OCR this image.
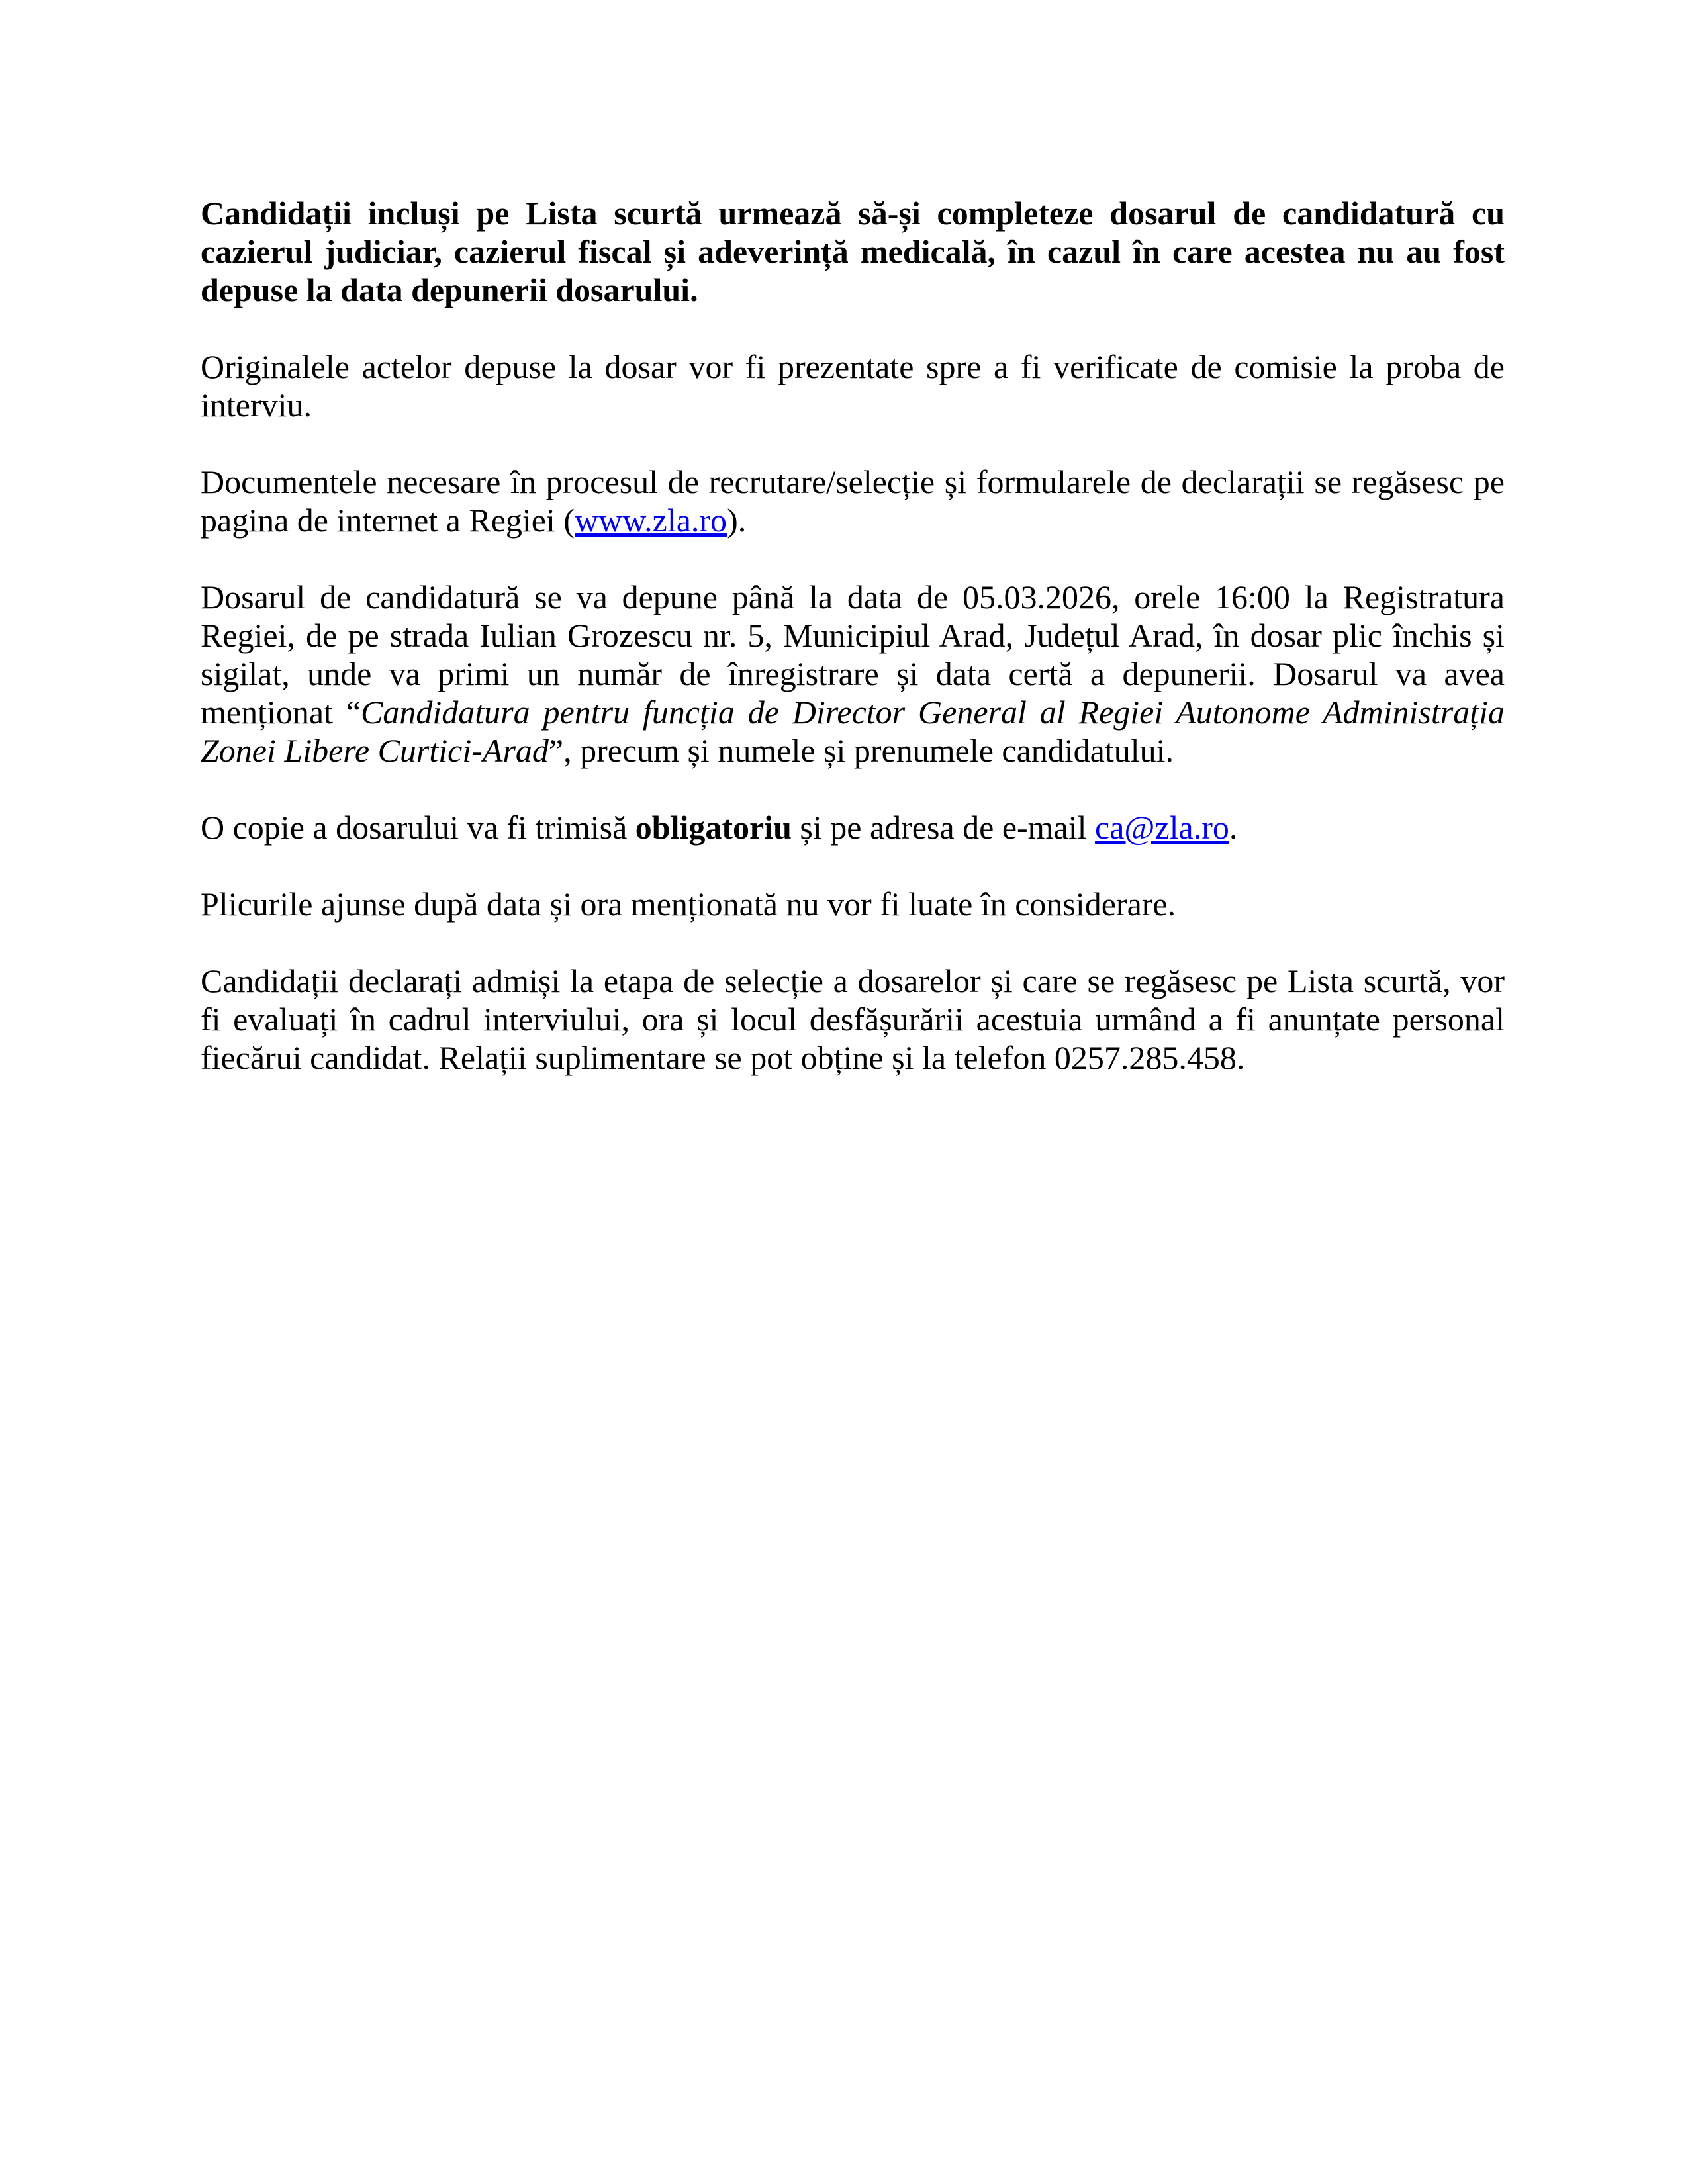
Candidații incluși pe Lista scurtă urmează să-și completeze dosarul de candidatură cu cazierul judiciar, cazierul fiscal și adeverință medicală, în cazul în care acestea nu au fost depuse la data depunerii dosarului.

Originalele actelor depuse la dosar vor fi prezentate spre a fi verificate de comisie la proba de interviu.

Documentele necesare în procesul de recrutare/selecție și formularele de declarații se regăsesc pe pagina de internet a Regiei (www.zla.ro).

Dosarul de candidatură se va depune până la data de 05.03.2026, orele 16:00 la Registratura Regiei, de pe strada Iulian Grozescu nr. 5, Municipiul Arad, Județul Arad, în dosar plic închis și sigilat, unde va primi un număr de înregistrare și data certă a depunerii. Dosarul va avea menționat “Candidatura pentru funcția de Director General al Regiei Autonome Administrația Zonei Libere Curtici-Arad”, precum și numele și prenumele candidatului.

O copie a dosarului va fi trimisă obligatoriu și pe adresa de e-mail ca@zla.ro.

Plicurile ajunse după data și ora menționată nu vor fi luate în considerare.

Candidații declarați admiși la etapa de selecție a dosarelor și care se regăsesc pe Lista scurtă, vor fi evaluați în cadrul interviului, ora și locul desfășurării acestuia urmând a fi anunțate personal fiecărui candidat. Relații suplimentare se pot obține și la telefon 0257.285.458.
